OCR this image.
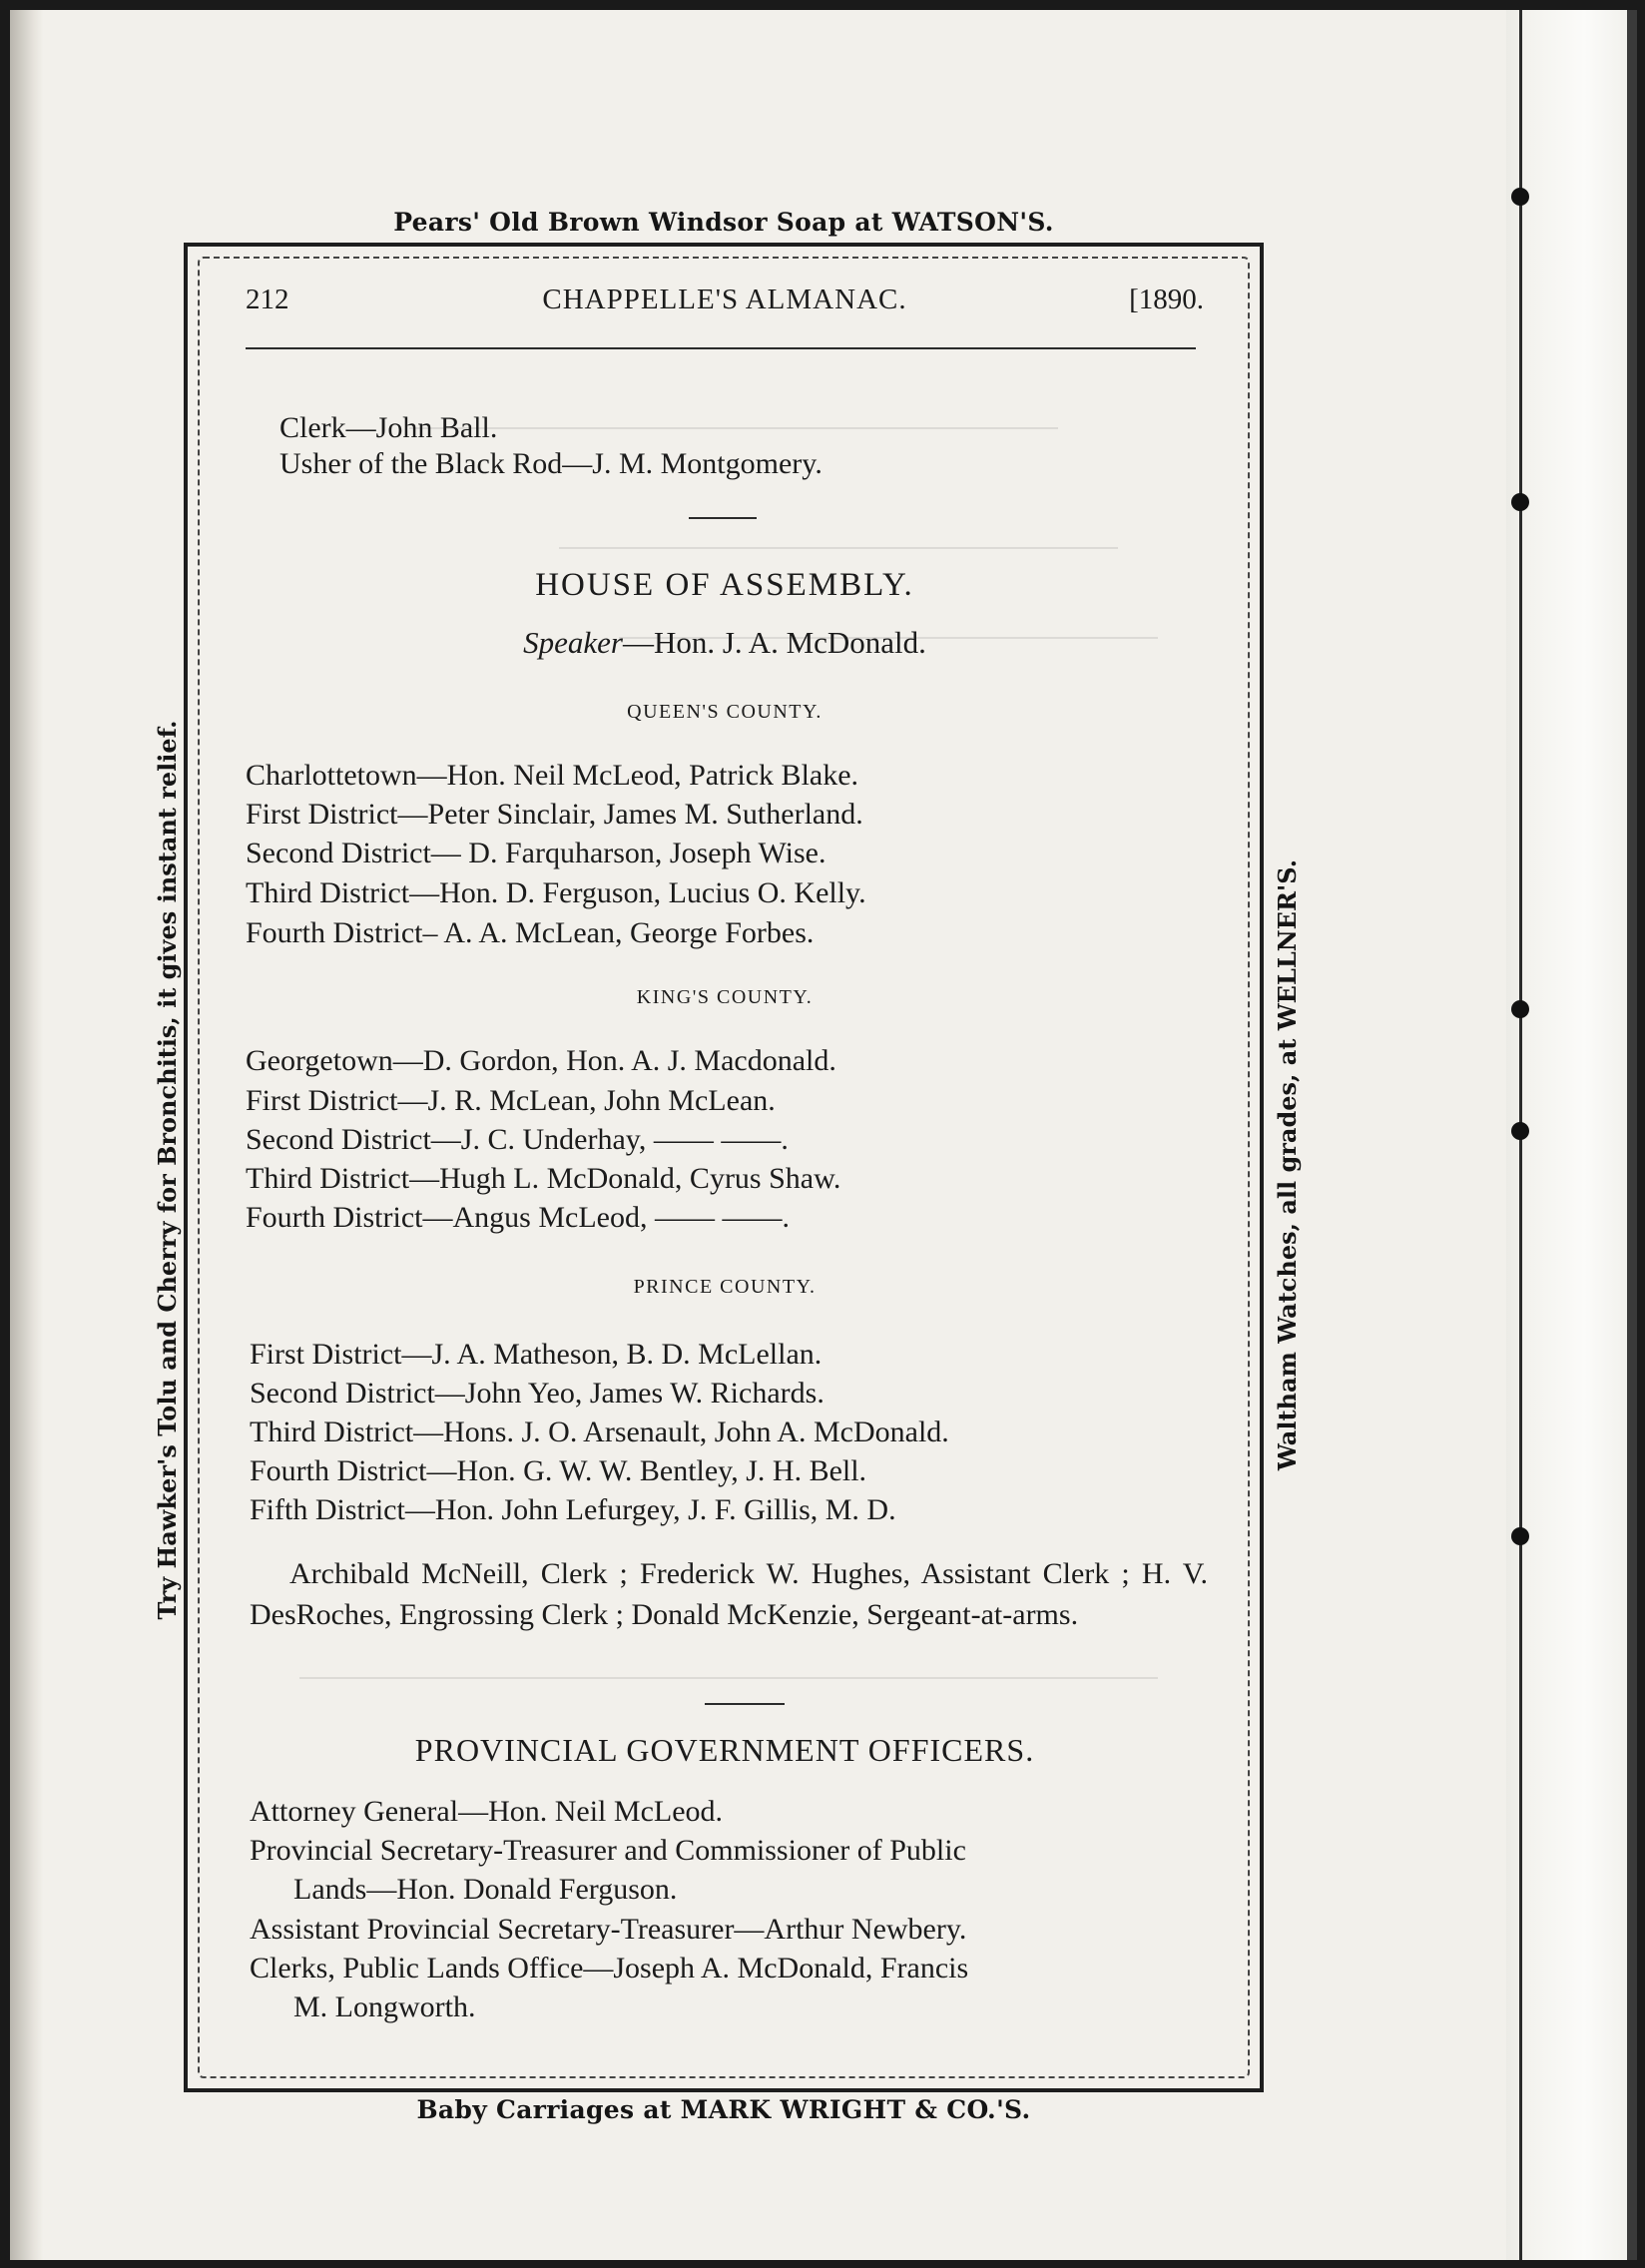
Pears' Old Brown Windsor Soap at WATSON'S.
Baby Carriages at MARK WRIGHT & CO.'S.
Try Hawker's Tolu and Cherry for Bronchitis, it gives instant relief.	Waltham Watches, all grades, at WELLNER'S.
212	CHAPPELLE'S ALMANAC.	[1890.
Clerk—John Ball.
Usher of the Black Rod—J. M. Montgomery.
HOUSE OF ASSEMBLY.
Speaker—Hon. J. A. McDonald.
QUEEN'S COUNTY.
Charlottetown—Hon. Neil McLeod, Patrick Blake.
First District—Peter Sinclair, James M. Sutherland.
Second District— D. Farquharson, Joseph Wise.
Third District—Hon. D. Ferguson, Lucius O. Kelly.
Fourth District– A. A. McLean, George Forbes.
KING'S COUNTY.
Georgetown—D. Gordon, Hon. A. J. Macdonald.
First District—J. R. McLean, John McLean.
Second District—J. C. Underhay, —— ——.
Third District—Hugh L. McDonald, Cyrus Shaw.
Fourth District—Angus McLeod, —— ——.
PRINCE COUNTY.
First District—J. A. Matheson, B. D. McLellan.
Second District—John Yeo, James W. Richards.
Third District—Hons. J. O. Arsenault, John A. McDonald.
Fourth District—Hon. G. W. W. Bentley, J. H. Bell.
Fifth District—Hon. John Lefurgey, J. F. Gillis, M. D.
Archibald McNeill, Clerk ; Frederick W. Hughes, Assistant Clerk ; H. V. DesRoches, Engrossing Clerk ; Donald McKenzie, Sergeant-at-arms.
PROVINCIAL GOVERNMENT OFFICERS.
Attorney General—Hon. Neil McLeod.
Provincial Secretary-Treasurer and Commissioner of Public
Lands—Hon. Donald Ferguson.
Assistant Provincial Secretary-Treasurer—Arthur Newbery.
Clerks, Public Lands Office—Joseph A. McDonald, Francis
M. Longworth.
